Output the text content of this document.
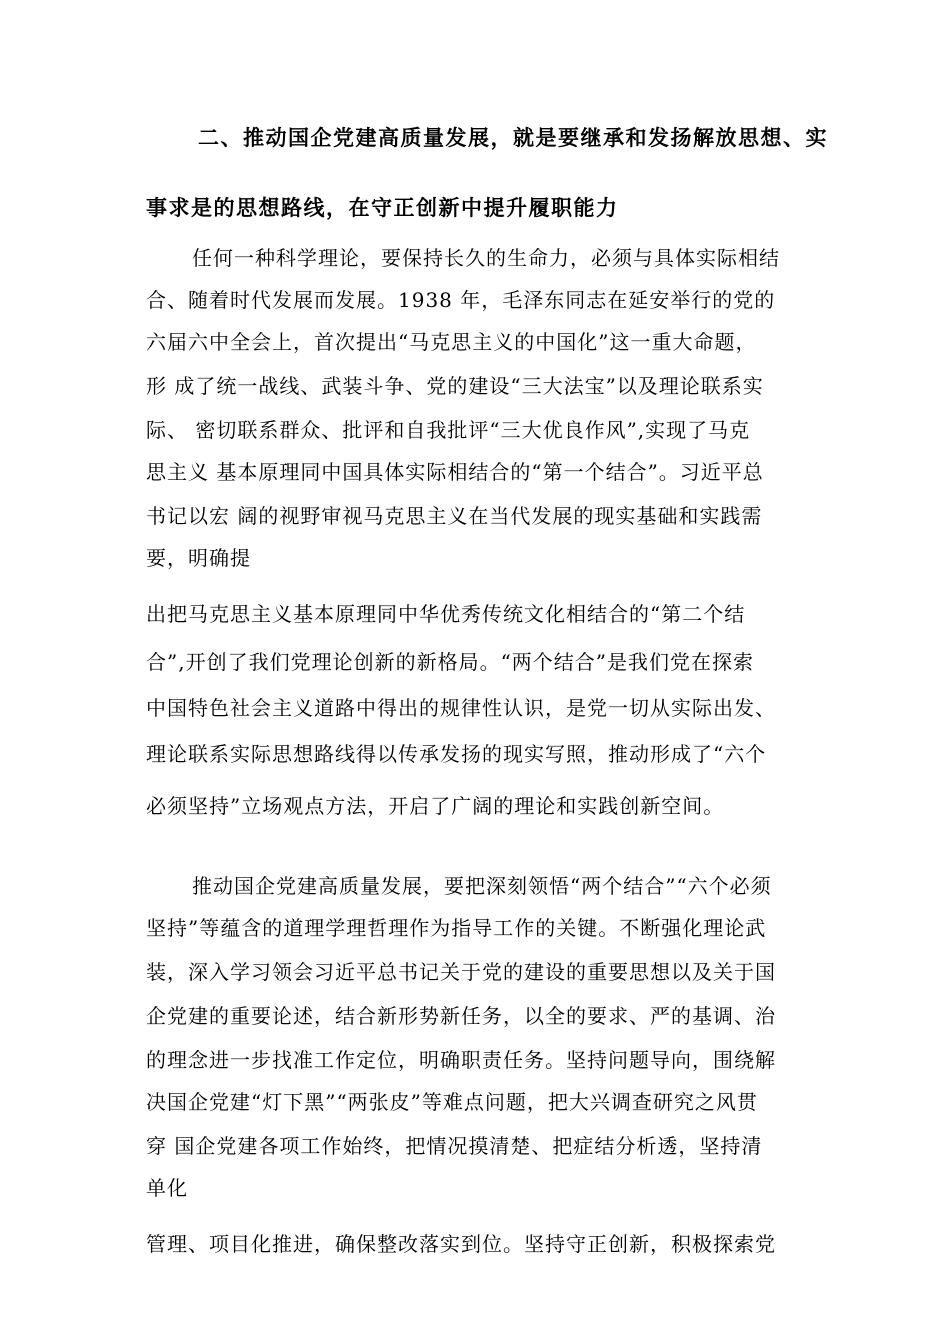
二、推动国企党建高质量发展，就是要继承和发扬解放思想、实
事求是的思想路线，在守正创新中提升履职能力
任何一种科学理论，要保持长久的生命力，必须与具体实际相结
合、随着时代发展而发展。1938 年，毛泽东同志在延安举行的党的
六届六中全会上，首次提出“马克思主义的中国化”这一重大命题，
形 成了统一战线、武装斗争、党的建设“三大法宝”以及理论联系实
际、 密切联系群众、批评和自我批评“三大优良作风”,实现了马克
思主义 基本原理同中国具体实际相结合的“第一个结合”。习近平总
书记以宏 阔的视野审视马克思主义在当代发展的现实基础和实践需
要，明确提
出把马克思主义基本原理同中华优秀传统文化相结合的“第二个结
合”,开创了我们党理论创新的新格局。“两个结合”是我们党在探索
中国特色社会主义道路中得出的规律性认识，是党一切从实际出发、
理论联系实际思想路线得以传承发扬的现实写照，推动形成了“六个
必须坚持”立场观点方法，开启了广阔的理论和实践创新空间。
推动国企党建高质量发展，要把深刻领悟“两个结合”“六个必须
坚持”等蕴含的道理学理哲理作为指导工作的关键。不断强化理论武
装，深入学习领会习近平总书记关于党的建设的重要思想以及关于国
企党建的重要论述，结合新形势新任务，以全的要求、严的基调、治
的理念进一步找准工作定位，明确职责任务。坚持问题导向，围绕解
决国企党建“灯下黑”“两张皮”等难点问题，把大兴调查研究之风贯
穿 国企党建各项工作始终，把情况摸清楚、把症结分析透，坚持清
单化
管理、项目化推进，确保整改落实到位。坚持守正创新，积极探索党
